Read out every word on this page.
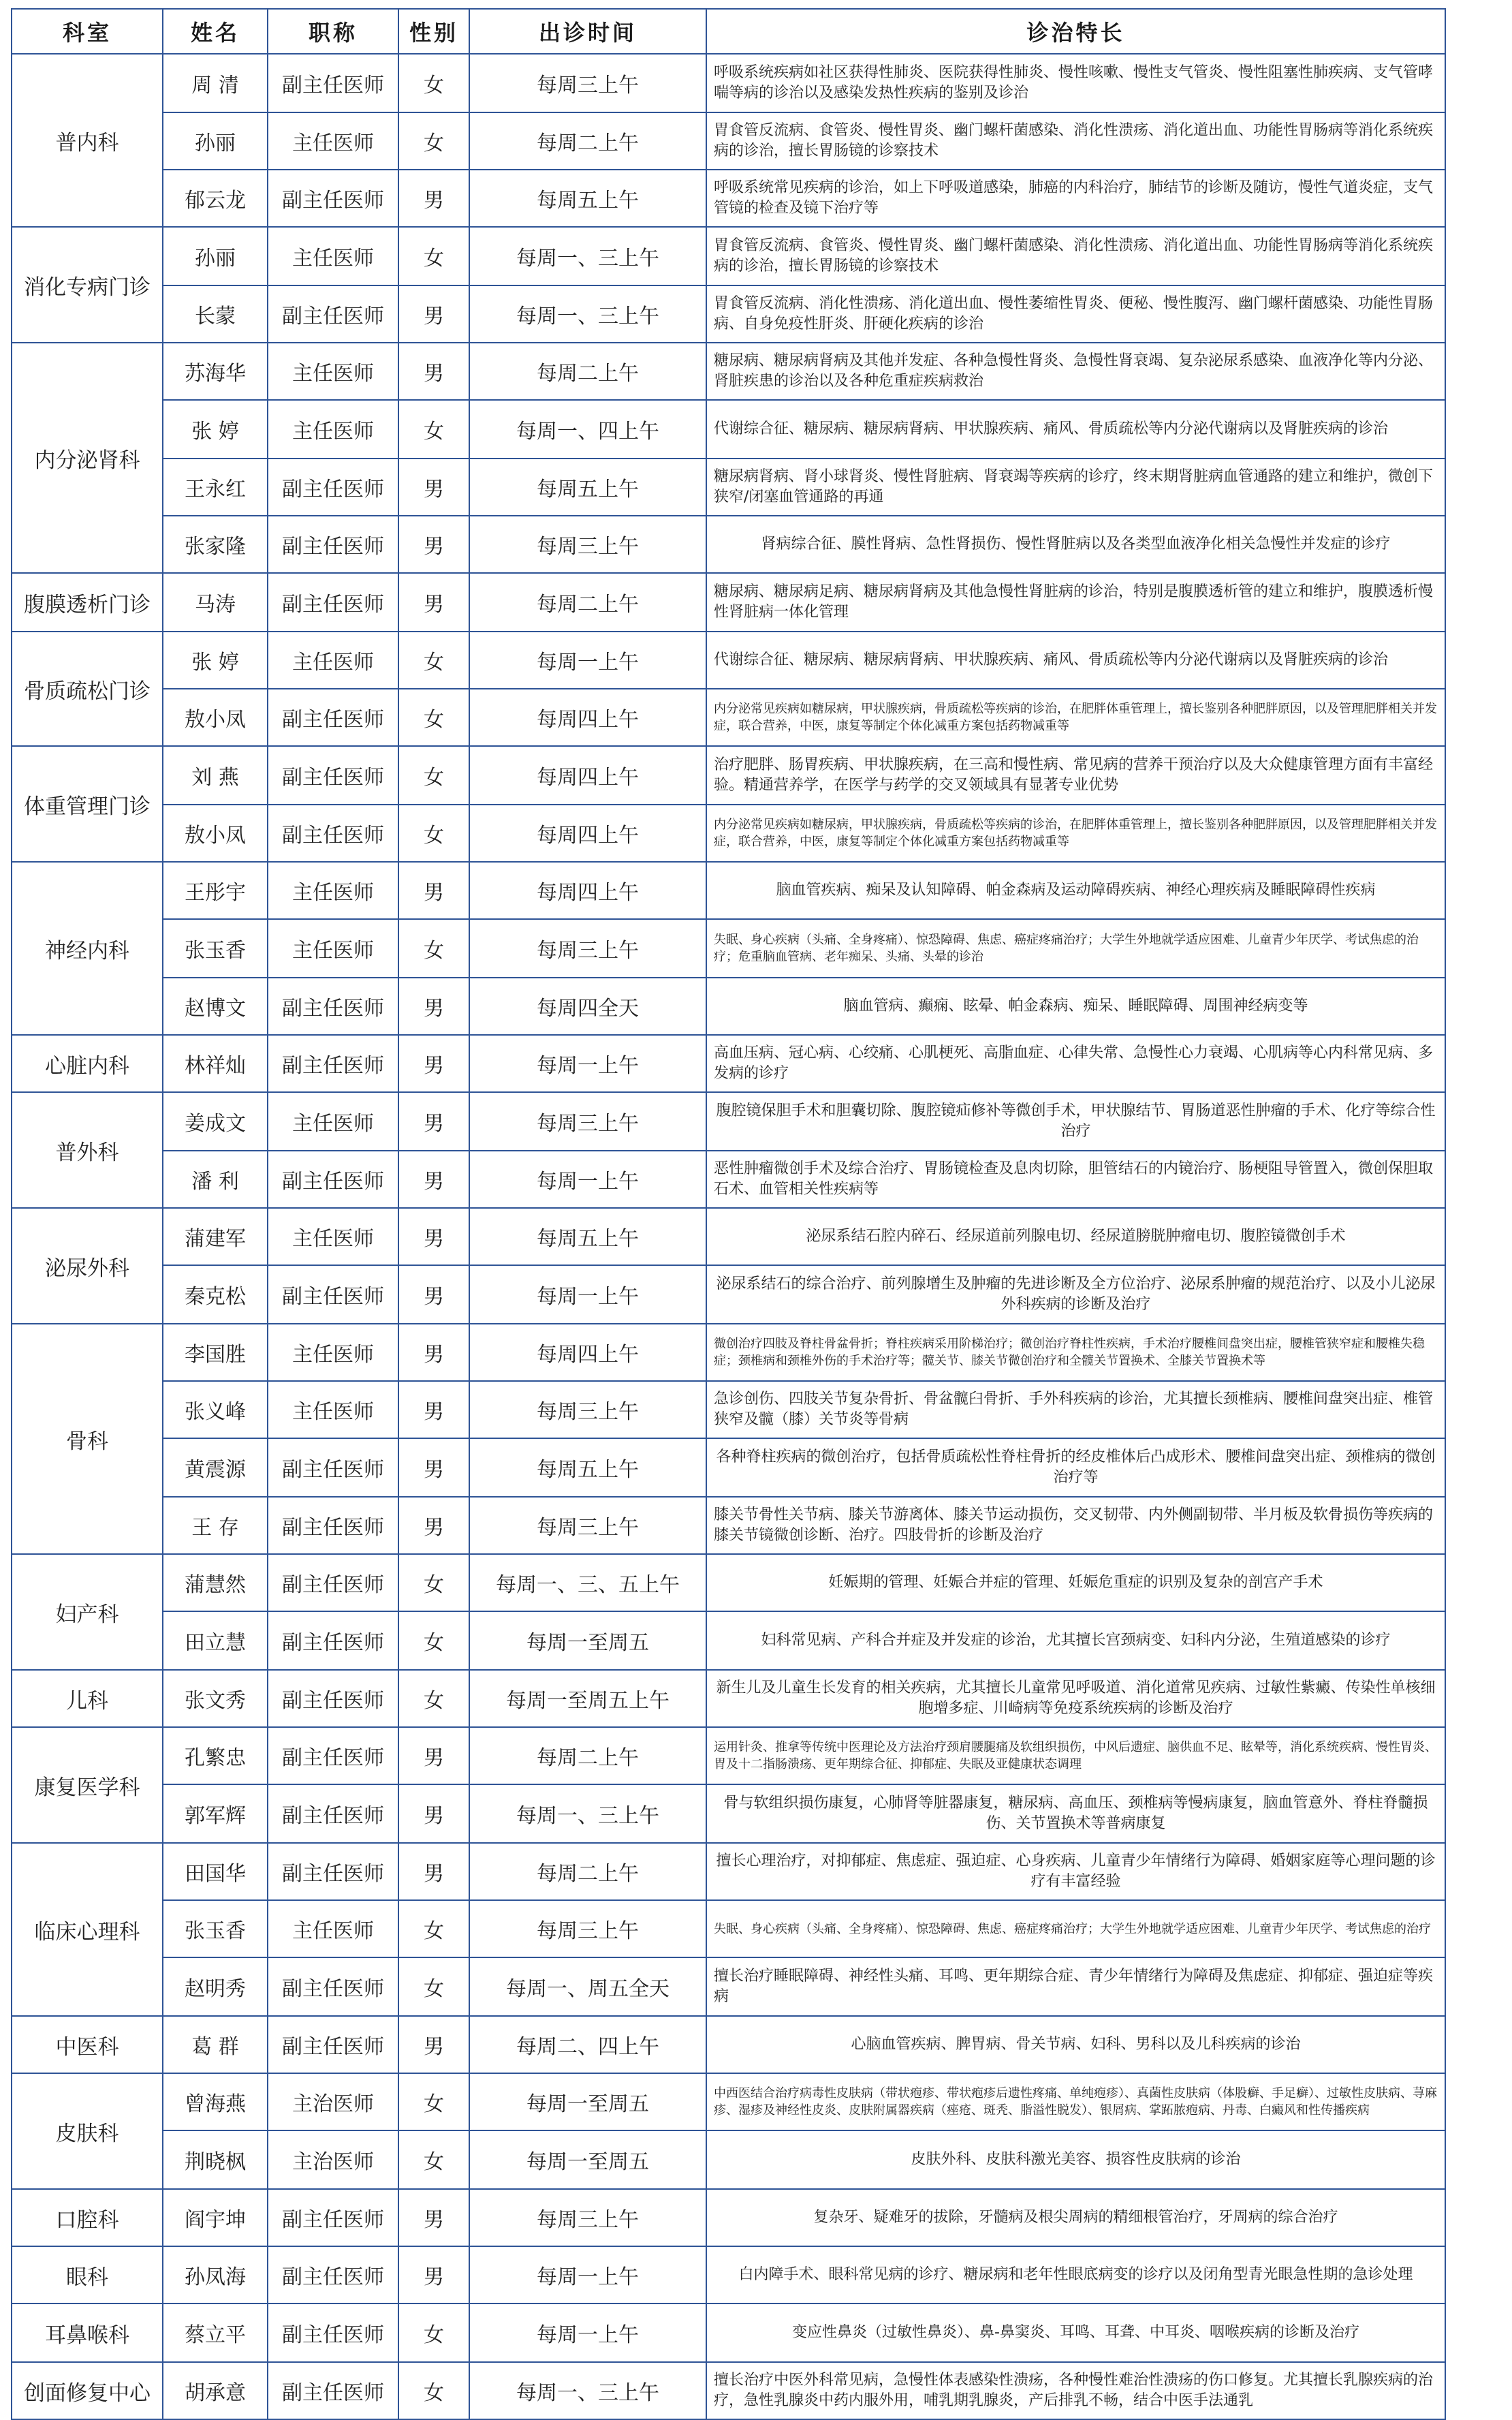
科室	姓名	职称	性别	出诊时间	诊治特长
普内科	周 清	副主任医师	女	每周三上午	呼吸系统疾病如社区获得性肺炎、医院获得性肺炎、慢性咳嗽、慢性支气管炎、慢性阻塞性肺疾病、支气管哮喘等病的诊治以及感染发热性疾病的鉴别及诊治
	孙丽	主任医师	女	每周二上午	胃食管反流病、食管炎、慢性胃炎、幽门螺杆菌感染、消化性溃疡、消化道出血、功能性胃肠病等消化系统疾病的诊治，擅长胃肠镜的诊察技术
	郁云龙	副主任医师	男	每周五上午	呼吸系统常见疾病的诊治，如上下呼吸道感染，肺癌的内科治疗，肺结节的诊断及随访，慢性气道炎症，支气管镜的检查及镜下治疗等
消化专病门诊	孙丽	主任医师	女	每周一、三上午	胃食管反流病、食管炎、慢性胃炎、幽门螺杆菌感染、消化性溃疡、消化道出血、功能性胃肠病等消化系统疾病的诊治，擅长胃肠镜的诊察技术
	长蒙	副主任医师	男	每周一、三上午	胃食管反流病、消化性溃疡、消化道出血、慢性萎缩性胃炎、便秘、慢性腹泻、幽门螺杆菌感染、功能性胃肠病、自身免疫性肝炎、肝硬化疾病的诊治
内分泌肾科	苏海华	主任医师	男	每周二上午	糖尿病、糖尿病肾病及其他并发症、各种急慢性肾炎、急慢性肾衰竭、复杂泌尿系感染、血液净化等内分泌、肾脏疾患的诊治以及各种危重症疾病救治
	张 婷	主任医师	女	每周一、四上午	代谢综合征、糖尿病、糖尿病肾病、甲状腺疾病、痛风、骨质疏松等内分泌代谢病以及肾脏疾病的诊治
	王永红	副主任医师	男	每周五上午	糖尿病肾病、肾小球肾炎、慢性肾脏病、肾衰竭等疾病的诊疗，终末期肾脏病血管通路的建立和维护，微创下狭窄/闭塞血管通路的再通
	张家隆	副主任医师	男	每周三上午	肾病综合征、膜性肾病、急性肾损伤、慢性肾脏病以及各类型血液净化相关急慢性并发症的诊疗
腹膜透析门诊	马涛	副主任医师	男	每周二上午	糖尿病、糖尿病足病、糖尿病肾病及其他急慢性肾脏病的诊治，特别是腹膜透析管的建立和维护，腹膜透析慢性肾脏病一体化管理
骨质疏松门诊	张 婷	主任医师	女	每周一上午	代谢综合征、糖尿病、糖尿病肾病、甲状腺疾病、痛风、骨质疏松等内分泌代谢病以及肾脏疾病的诊治
	敖小凤	副主任医师	女	每周四上午	内分泌常见疾病如糖尿病，甲状腺疾病，骨质疏松等疾病的诊治，在肥胖体重管理上，擅长鉴别各种肥胖原因，以及管理肥胖相关并发症，联合营养，中医，康复等制定个体化减重方案包括药物减重等
体重管理门诊	刘 燕	副主任医师	女	每周四上午	治疗肥胖、肠胃疾病、甲状腺疾病，在三高和慢性病、常见病的营养干预治疗以及大众健康管理方面有丰富经验。精通营养学，在医学与药学的交叉领域具有显著专业优势
	敖小凤	副主任医师	女	每周四上午	内分泌常见疾病如糖尿病，甲状腺疾病，骨质疏松等疾病的诊治，在肥胖体重管理上，擅长鉴别各种肥胖原因，以及管理肥胖相关并发症，联合营养，中医，康复等制定个体化减重方案包括药物减重等
神经内科	王彤宇	主任医师	男	每周四上午	脑血管疾病、痴呆及认知障碍、帕金森病及运动障碍疾病、神经心理疾病及睡眠障碍性疾病
	张玉香	主任医师	女	每周三上午	失眠、身心疾病（头痛、全身疼痛）、惊恐障碍、焦虑、癌症疼痛治疗；大学生外地就学适应困难、儿童青少年厌学、考试焦虑的治疗；危重脑血管病、老年痴呆、头痛、头晕的诊治
	赵博文	副主任医师	男	每周四全天	脑血管病、癫痫、眩晕、帕金森病、痴呆、睡眠障碍、周围神经病变等
心脏内科	林祥灿	副主任医师	男	每周一上午	高血压病、冠心病、心绞痛、心肌梗死、高脂血症、心律失常、急慢性心力衰竭、心肌病等心内科常见病、多发病的诊疗
普外科	姜成文	主任医师	男	每周三上午	腹腔镜保胆手术和胆囊切除、腹腔镜疝修补等微创手术，甲状腺结节、胃肠道恶性肿瘤的手术、化疗等综合性治疗
	潘 利	副主任医师	男	每周一上午	恶性肿瘤微创手术及综合治疗、胃肠镜检查及息肉切除，胆管结石的内镜治疗、肠梗阻导管置入，微创保胆取石术、血管相关性疾病等
泌尿外科	蒲建军	主任医师	男	每周五上午	泌尿系结石腔内碎石、经尿道前列腺电切、经尿道膀胱肿瘤电切、腹腔镜微创手术
	秦克松	副主任医师	男	每周一上午	泌尿系结石的综合治疗、前列腺增生及肿瘤的先进诊断及全方位治疗、泌尿系肿瘤的规范治疗、以及小儿泌尿外科疾病的诊断及治疗
骨科	李国胜	主任医师	男	每周四上午	微创治疗四肢及脊柱骨盆骨折；脊柱疾病采用阶梯治疗；微创治疗脊柱性疾病，手术治疗腰椎间盘突出症，腰椎管狭窄症和腰椎失稳症；颈椎病和颈椎外伤的手术治疗等；髋关节、膝关节微创治疗和全髋关节置换术、全膝关节置换术等
	张义峰	主任医师	男	每周三上午	急诊创伤、四肢关节复杂骨折、骨盆髋臼骨折、手外科疾病的诊治，尤其擅长颈椎病、腰椎间盘突出症、椎管狭窄及髋（膝）关节炎等骨病
	黄震源	副主任医师	男	每周五上午	各种脊柱疾病的微创治疗，包括骨质疏松性脊柱骨折的经皮椎体后凸成形术、腰椎间盘突出症、颈椎病的微创治疗等
	王 存	副主任医师	男	每周三上午	膝关节骨性关节病、膝关节游离体、膝关节运动损伤，交叉韧带、内外侧副韧带、半月板及软骨损伤等疾病的膝关节镜微创诊断、治疗。四肢骨折的诊断及治疗
妇产科	蒲慧然	副主任医师	女	每周一、三、五上午	妊娠期的管理、妊娠合并症的管理、妊娠危重症的识别及复杂的剖宫产手术
	田立慧	副主任医师	女	每周一至周五	妇科常见病、产科合并症及并发症的诊治，尤其擅长宫颈病变、妇科内分泌，生殖道感染的诊疗
儿科	张文秀	副主任医师	女	每周一至周五上午	新生儿及儿童生长发育的相关疾病，尤其擅长儿童常见呼吸道、消化道常见疾病、过敏性紫癜、传染性单核细胞增多症、川崎病等免疫系统疾病的诊断及治疗
康复医学科	孔繁忠	副主任医师	男	每周二上午	运用针灸、推拿等传统中医理论及方法治疗颈肩腰腿痛及软组织损伤，中风后遗症、脑供血不足、眩晕等，消化系统疾病、慢性胃炎、胃及十二指肠溃疡、更年期综合征、抑郁症、失眠及亚健康状态调理
	郭军辉	副主任医师	男	每周一、三上午	骨与软组织损伤康复，心肺肾等脏器康复，糖尿病、高血压、颈椎病等慢病康复，脑血管意外、脊柱脊髓损伤、关节置换术等普病康复
临床心理科	田国华	副主任医师	男	每周二上午	擅长心理治疗，对抑郁症、焦虑症、强迫症、心身疾病、儿童青少年情绪行为障碍、婚姻家庭等心理问题的诊疗有丰富经验
	张玉香	主任医师	女	每周三上午	失眠、身心疾病（头痛、全身疼痛）、惊恐障碍、焦虑、癌症疼痛治疗；大学生外地就学适应困难、儿童青少年厌学、考试焦虑的治疗
	赵明秀	副主任医师	女	每周一、周五全天	擅长治疗睡眠障碍、神经性头痛、耳鸣、更年期综合症、青少年情绪行为障碍及焦虑症、抑郁症、强迫症等疾病
中医科	葛 群	副主任医师	男	每周二、四上午	心脑血管疾病、脾胃病、骨关节病、妇科、男科以及儿科疾病的诊治
皮肤科	曾海燕	主治医师	女	每周一至周五	中西医结合治疗病毒性皮肤病（带状疱疹、带状疱疹后遗性疼痛、单纯疱疹）、真菌性皮肤病（体股癣、手足癣）、过敏性皮肤病、荨麻疹、湿疹及神经性皮炎、皮肤附属器疾病（痤疮、斑秃、脂溢性脱发）、银屑病、掌跖脓疱病、丹毒、白癜风和性传播疾病
	荆晓枫	主治医师	女	每周一至周五	皮肤外科、皮肤科激光美容、损容性皮肤病的诊治
口腔科	阎宇坤	副主任医师	男	每周三上午	复杂牙、疑难牙的拔除，牙髓病及根尖周病的精细根管治疗，牙周病的综合治疗
眼科	孙凤海	副主任医师	男	每周一上午	白内障手术、眼科常见病的诊疗、糖尿病和老年性眼底病变的诊疗以及闭角型青光眼急性期的急诊处理
耳鼻喉科	蔡立平	副主任医师	女	每周一上午	变应性鼻炎（过敏性鼻炎）、鼻-鼻窦炎、耳鸣、耳聋、中耳炎、咽喉疾病的诊断及治疗
创面修复中心	胡承意	副主任医师	女	每周一、三上午	擅长治疗中医外科常见病，急慢性体表感染性溃疡，各种慢性难治性溃疡的伤口修复。尤其擅长乳腺疾病的治疗，急性乳腺炎中药内服外用，哺乳期乳腺炎，产后排乳不畅，结合中医手法通乳
